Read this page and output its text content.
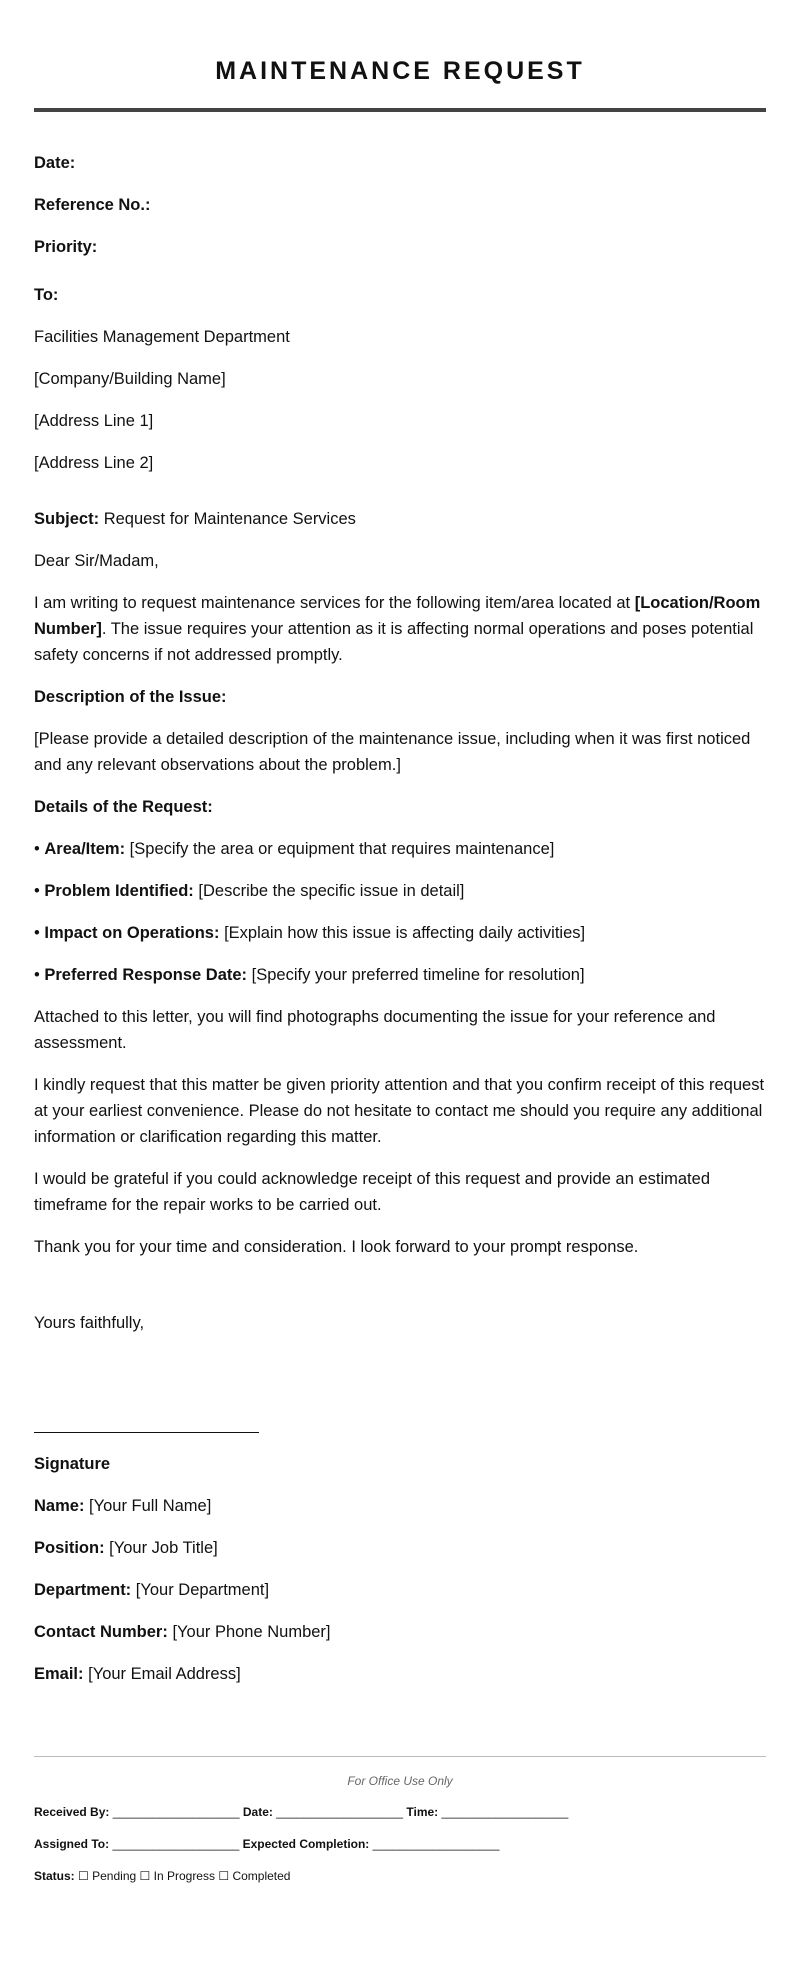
MAINTENANCE REQUEST

Date:

Reference No.:

Priority:

To:

Facilities Management Department

[Company/Building Name]

[Address Line 1]

[Address Line 2]

Subject: Request for Maintenance Services

Dear Sir/Madam,

I am writing to request maintenance services for the following item/area located at [Location/Room Number]. The issue requires your attention as it is affecting normal operations and poses potential safety concerns if not addressed promptly.

Description of the Issue:

[Please provide a detailed description of the maintenance issue, including when it was first noticed and any relevant observations about the problem.]

Details of the Request:

• Area/Item: [Specify the area or equipment that requires maintenance]

• Problem Identified: [Describe the specific issue in detail]

• Impact on Operations: [Explain how this issue is affecting daily activities]

• Preferred Response Date: [Specify your preferred timeline for resolution]

Attached to this letter, you will find photographs documenting the issue for your reference and assessment.

I kindly request that this matter be given priority attention and that you confirm receipt of this request at your earliest convenience. Please do not hesitate to contact me should you require any additional information or clarification regarding this matter.

I would be grateful if you could acknowledge receipt of this request and provide an estimated timeframe for the repair works to be carried out.

Thank you for your time and consideration. I look forward to your prompt response.

Yours faithfully,

Signature

Name: [Your Full Name]

Position: [Your Job Title]

Department: [Your Department]

Contact Number: [Your Phone Number]

Email: [Your Email Address]

For Office Use Only

Received By: ___________________ Date: ___________________ Time: ___________________

Assigned To: ___________________ Expected Completion: ___________________

Status: ☐ Pending ☐ In Progress ☐ Completed
